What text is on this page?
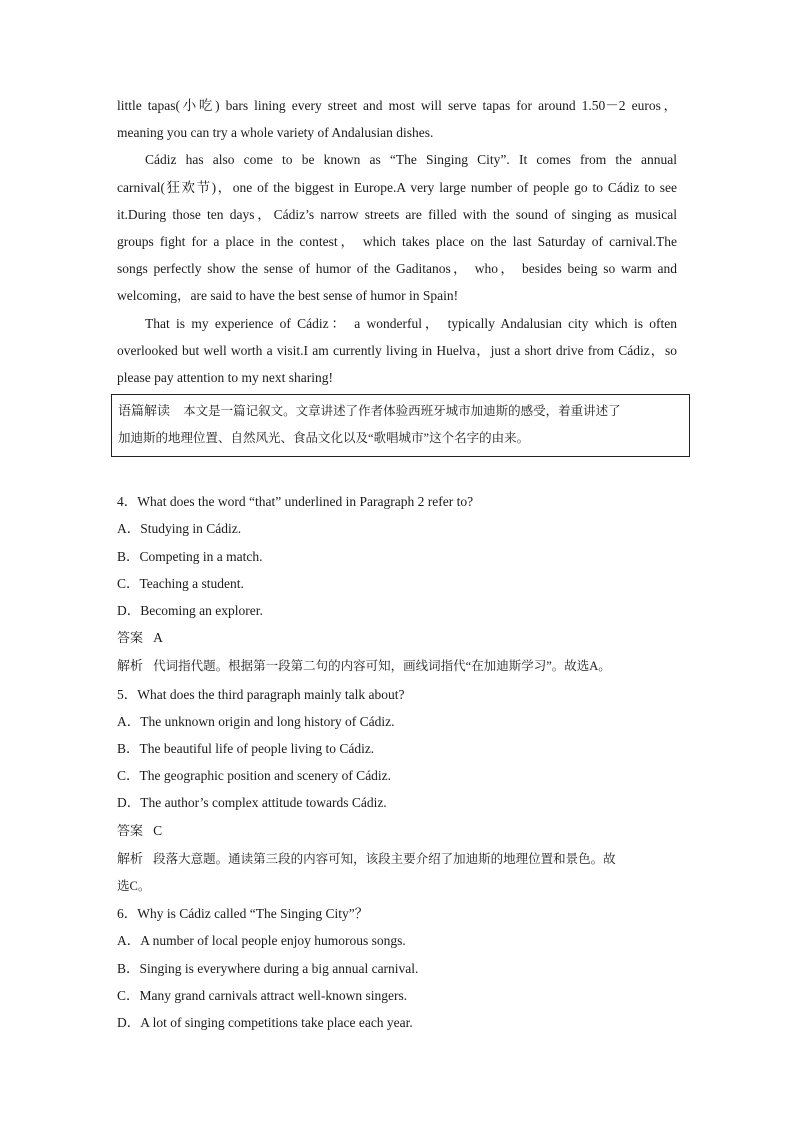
little tapas(小吃) bars lining every street and most will serve tapas for around 1.50－2 euros，
meaning you can try a whole variety of Andalusian dishes.
Cádiz has also come to be known as “The Singing City”. It comes from the annual
carnival(狂欢节)，one of the biggest in Europe.A very large number of people go to Cádiz to see
it.During those ten days，Cádiz’s narrow streets are filled with the sound of singing as musical
groups fight for a place in the contest， which takes place on the last Saturday of carnival.The
songs perfectly show the sense of humor of the Gaditanos， who， besides being so warm and
welcoming，are said to have the best sense of humor in Spain!
That is my experience of Cádiz： a wonderful， typically Andalusian city which is often
overlooked but well worth a visit.I am currently living in Huelva，just a short drive from Cádiz，so
please pay attention to my next sharing!
语篇解读 本文是一篇记叙文。文章讲述了作者体验西班牙城市加迪斯的感受，着重讲述了
加迪斯的地理位置、自然风光、食品文化以及“歌唱城市”这个名字的由来。
4．What does the word “that” underlined in Paragraph 2 refer to?
A．Studying in Cádiz.
B．Competing in a match.
C．Teaching a student.
D．Becoming an explorer.
答案 A
解析 代词指代题。根据第一段第二句的内容可知，画线词指代“在加迪斯学习”。故选A。
5．What does the third paragraph mainly talk about?
A．The unknown origin and long history of Cádiz.
B．The beautiful life of people living to Cádiz.
C．The geographic position and scenery of Cádiz.
D．The author’s complex attitude towards Cádiz.
答案 C
解析 段落大意题。通读第三段的内容可知，该段主要介绍了加迪斯的地理位置和景色。故
选C。
6．Why is Cádiz called “The Singing City”？
A．A number of local people enjoy humorous songs.
B．Singing is everywhere during a big annual carnival.
C．Many grand carnivals attract well-known singers.
D．A lot of singing competitions take place each year.
